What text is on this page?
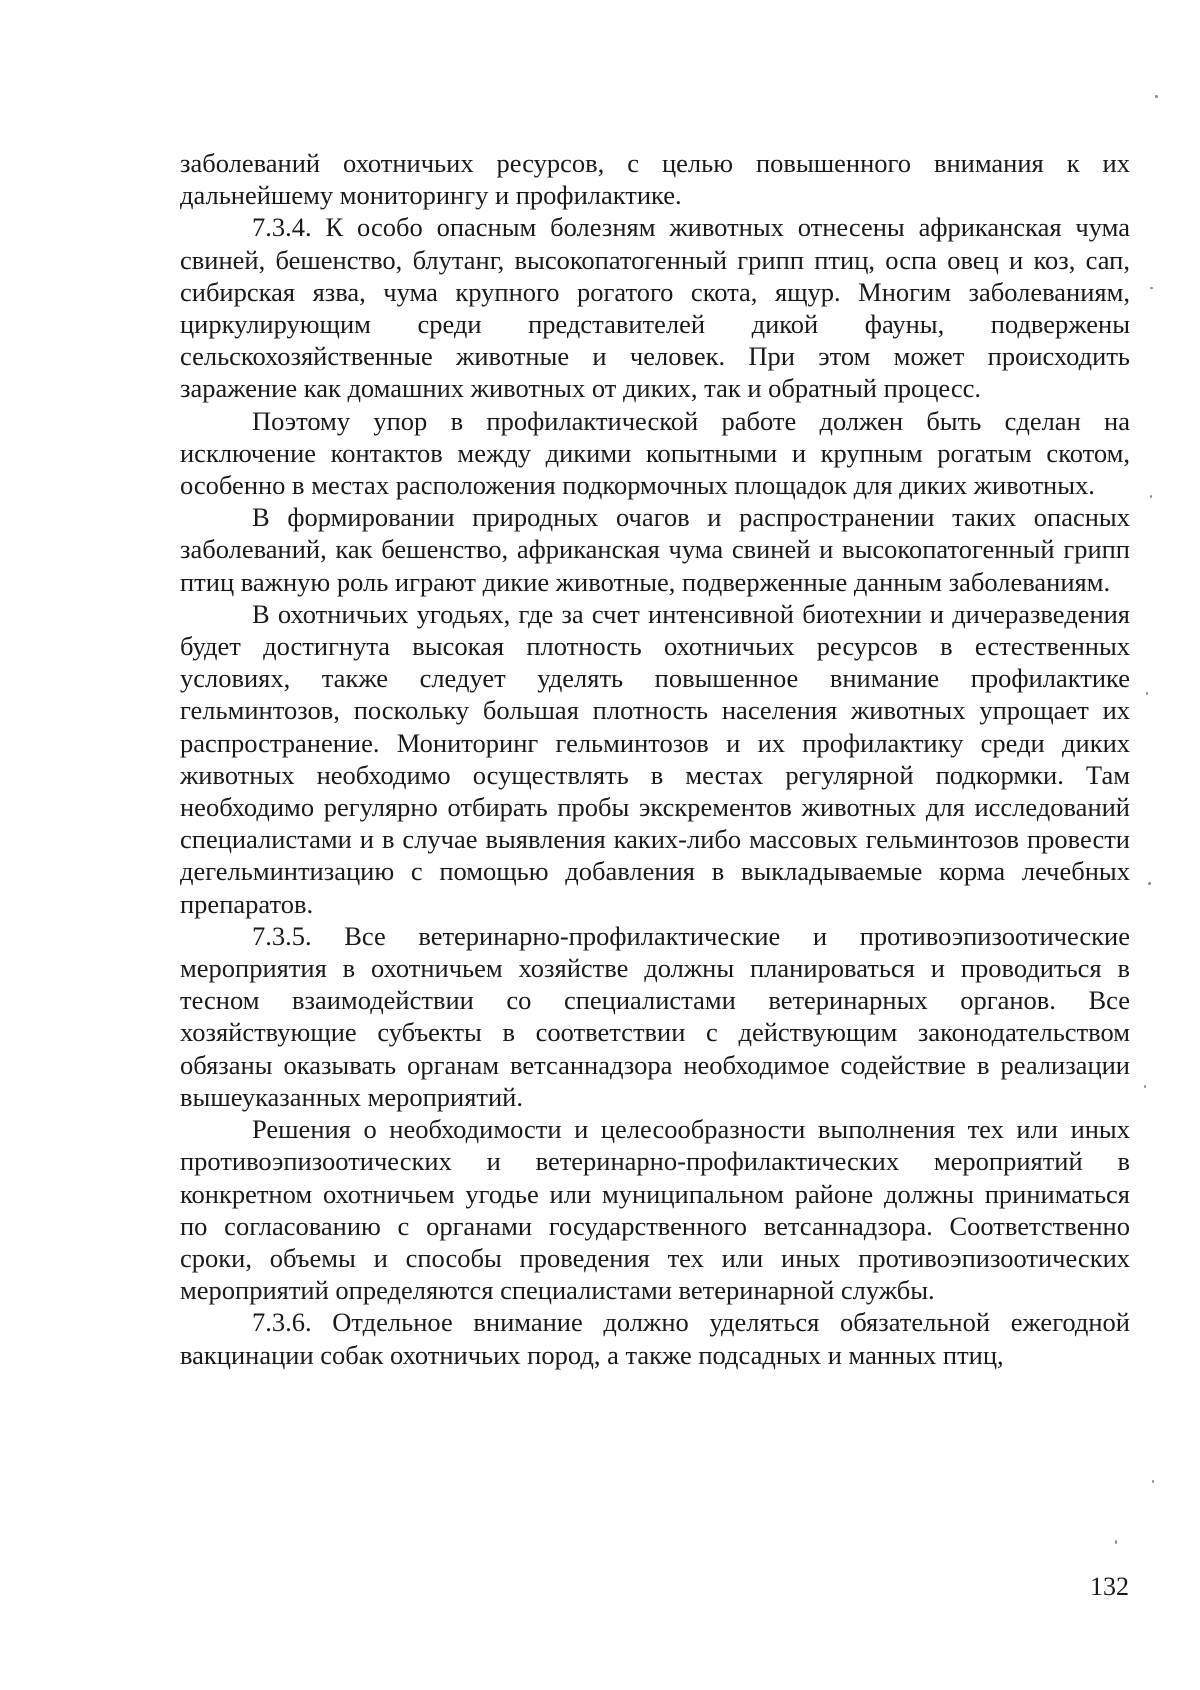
заболеваний охотничьих ресурсов, с целью повышенного внимания к их дальнейшему мониторингу и профилактике.

7.3.4. К особо опасным болезням животных отнесены африканская чума свиней, бешенство, блутанг, высокопатогенный грипп птиц, оспа овец и коз, сап, сибирская язва, чума крупного рогатого скота, ящур. Многим заболеваниям, циркулирующим среди представителей дикой фауны, подвержены сельскохозяйственные животные и человек. При этом может происходить заражение как домашних животных от диких, так и обратный процесс.

Поэтому упор в профилактической работе должен быть сделан на исключение контактов между дикими копытными и крупным рогатым скотом, особенно в местах расположения подкормочных площадок для диких животных.

В формировании природных очагов и распространении таких опасных заболеваний, как бешенство, африканская чума свиней и высокопатогенный грипп птиц важную роль играют дикие животные, подверженные данным заболеваниям.

В охотничьих угодьях, где за счет интенсивной биотехнии и дичеразведения будет достигнута высокая плотность охотничьих ресурсов в естественных условиях, также следует уделять повышенное внимание профилактике гельминтозов, поскольку большая плотность населения животных упрощает их распространение. Мониторинг гельминтозов и их профилактику среди диких животных необходимо осуществлять в местах регулярной подкормки. Там необходимо регулярно отбирать пробы экскрементов животных для исследований специалистами и в случае выявления каких-либо массовых гельминтозов провести дегельминтизацию с помощью добавления в выкладываемые корма лечебных препаратов.

7.3.5. Все ветеринарно-профилактические и противоэпизоотические мероприятия в охотничьем хозяйстве должны планироваться и проводиться в тесном взаимодействии со специалистами ветеринарных органов. Все хозяйствующие субъекты в соответствии с действующим законодательством обязаны оказывать органам ветсаннадзора необходимое содействие в реализации вышеуказанных мероприятий.

Решения о необходимости и целесообразности выполнения тех или иных противоэпизоотических и ветеринарно-профилактических мероприятий в конкретном охотничьем угодье или муниципальном районе должны приниматься по согласованию с органами государственного ветсаннадзора. Соответственно сроки, объемы и способы проведения тех или иных противоэпизоотических мероприятий определяются специалистами ветеринарной службы.

7.3.6. Отдельное внимание должно уделяться обязательной ежегодной вакцинации собак охотничьих пород, а также подсадных и манных птиц,

132
